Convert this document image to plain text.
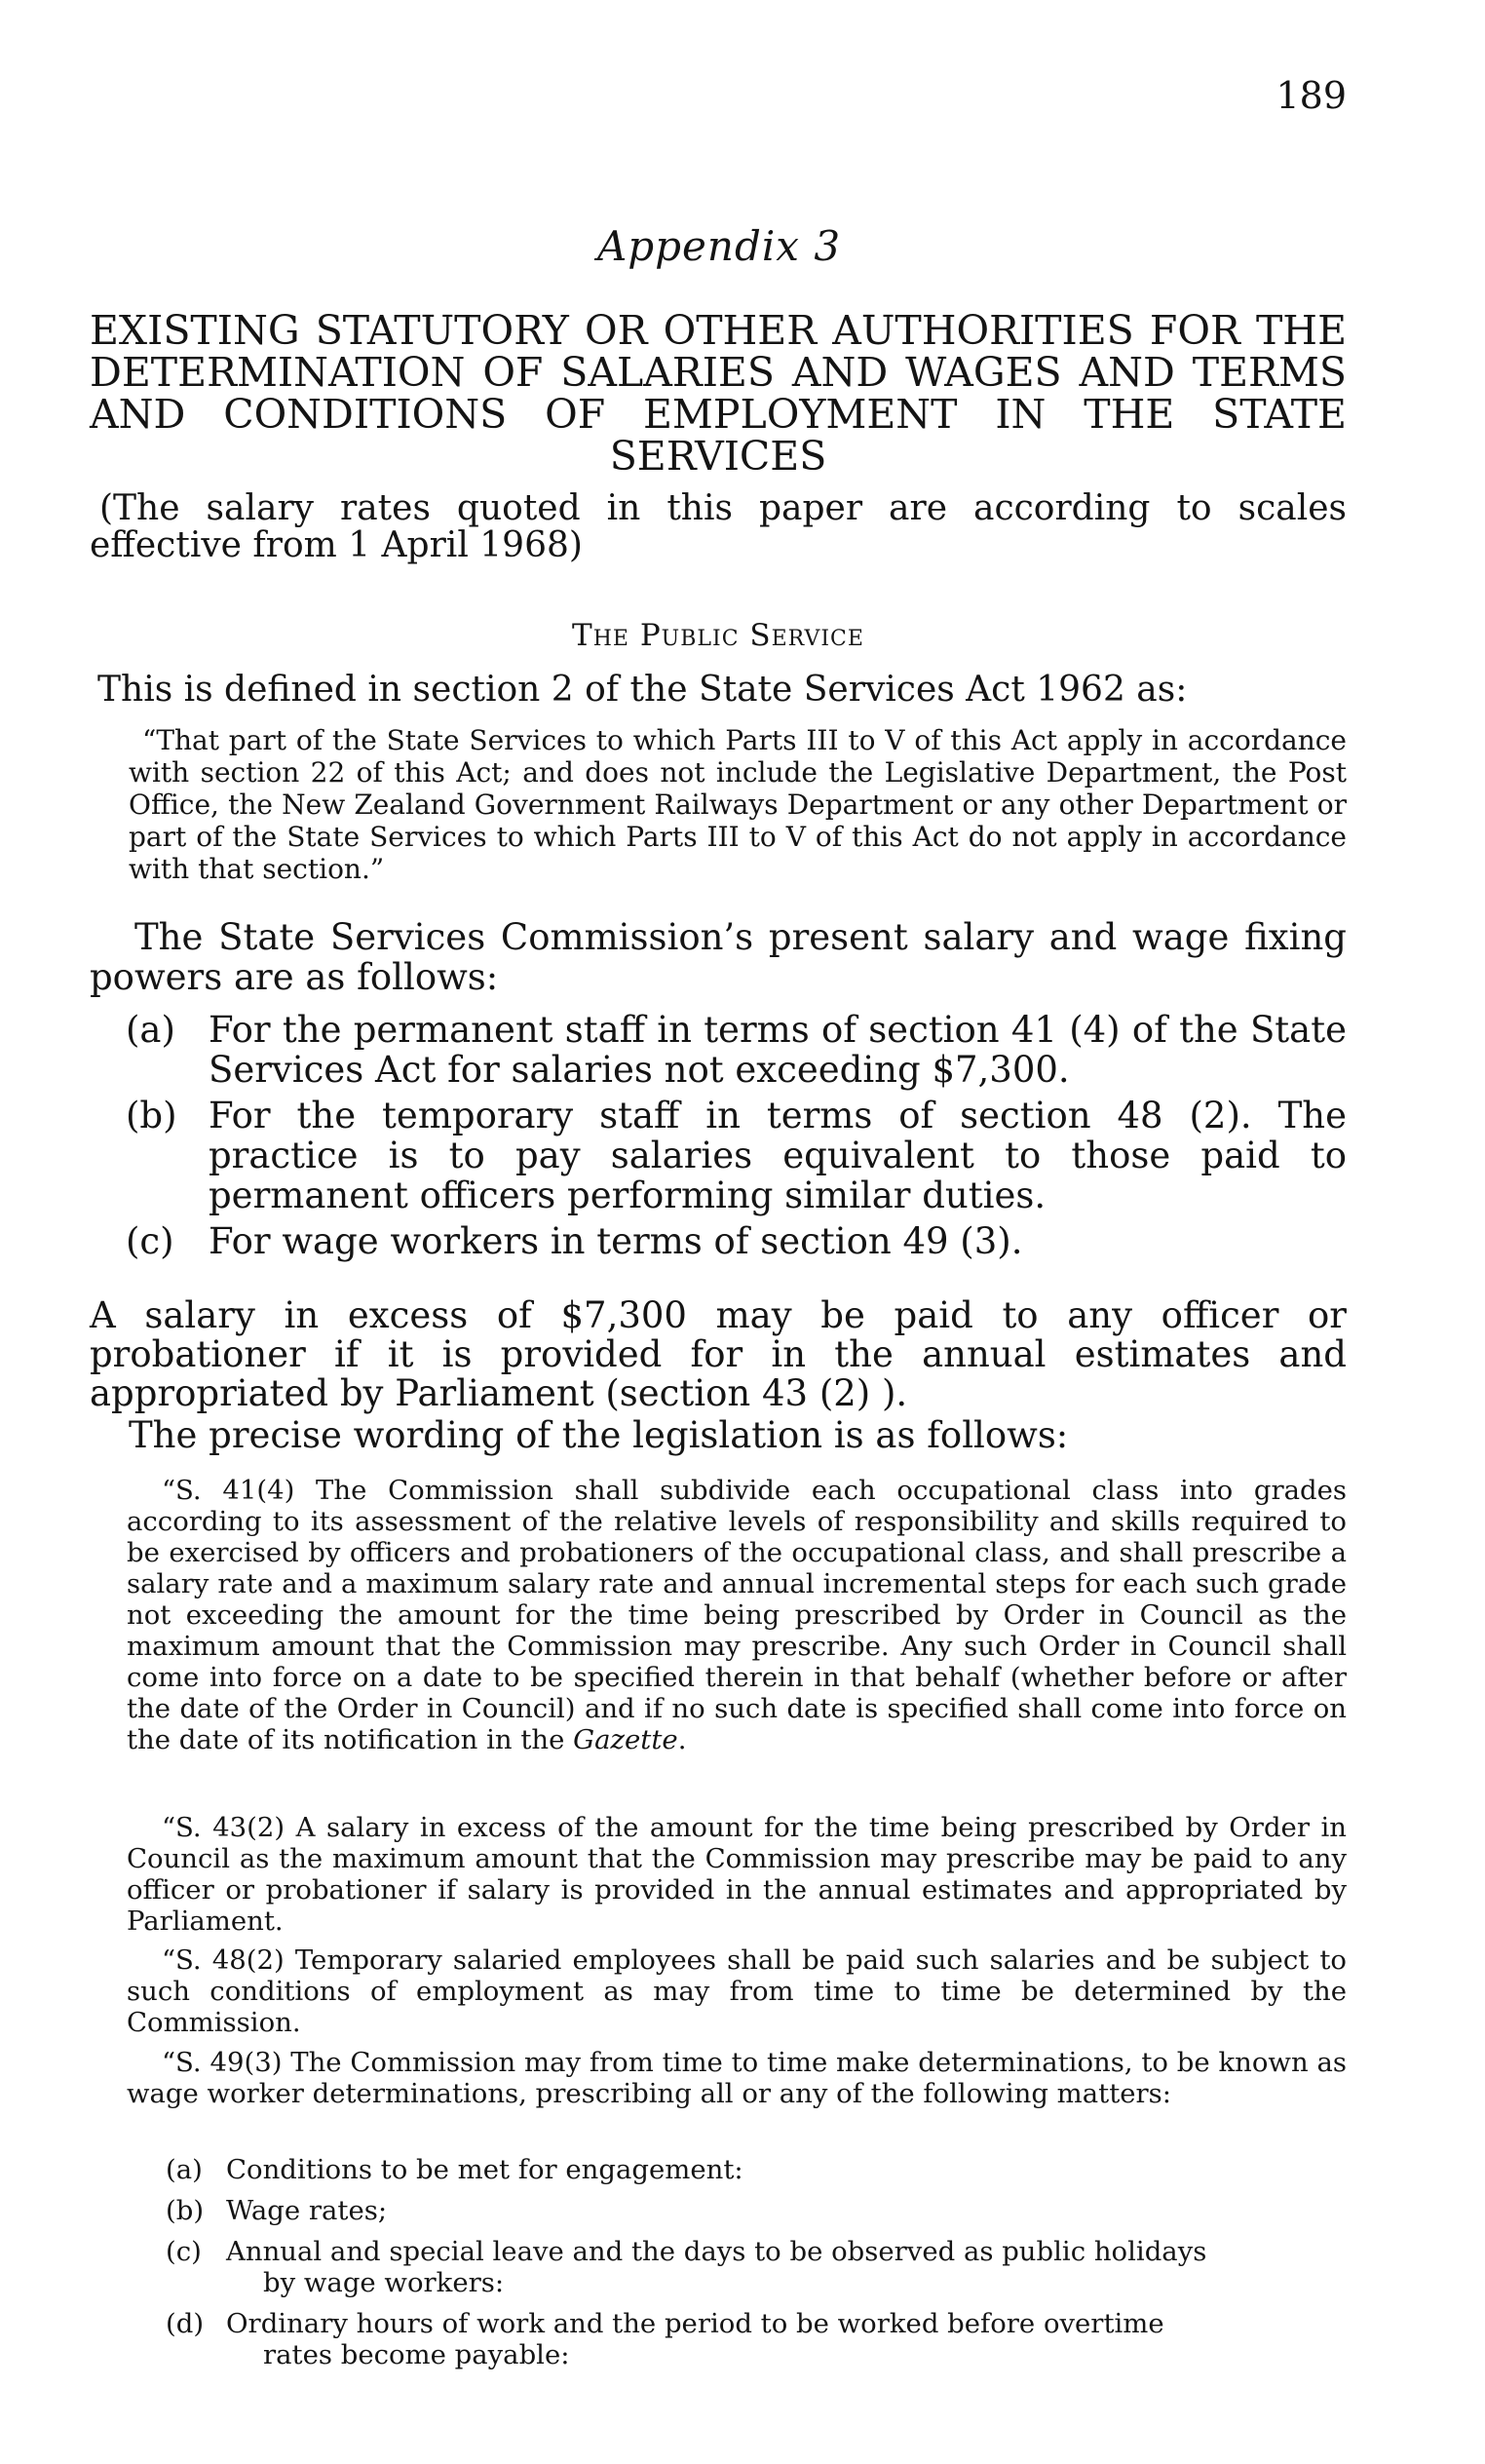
189
Appendix 3
EXISTING STATUTORY OR OTHER AUTHORITIES FOR THE
DETERMINATION OF SALARIES AND WAGES AND TERMS
AND CONDITIONS OF EMPLOYMENT IN THE STATE
SERVICES
(The salary rates quoted in this paper are according to scales effective from 1 April 1968)
The Public Service
This is defined in section 2 of the State Services Act 1962 as:
“That part of the State Services to which Parts III to V of this Act apply in accordance with section 22 of this Act; and does not include the Legislative Department, the Post Office, the New Zealand Government Railways Department or any other Department or part of the State Services to which Parts III to V of this Act do not apply in accordance with that section.”
The State Services Commission’s present salary and wage fixing powers are as follows:
(a) For the permanent staff in terms of section 41 (4) of the State Services Act for salaries not exceeding $7,300.
(b) For the temporary staff in terms of section 48 (2). The practice is to pay salaries equivalent to those paid to permanent officers performing similar duties.
(c) For wage workers in terms of section 49 (3).
A salary in excess of $7,300 may be paid to any officer or probationer if it is provided for in the annual estimates and appropriated by Parliament (section 43 (2) ).
The precise wording of the legislation is as follows:

“S. 41(4) The Commission shall subdivide each occupational class into grades according to its assessment of the relative levels of responsibility and skills required to be exercised by officers and probationers of the occupational class, and shall prescribe a salary rate and a maximum salary rate and annual incremental steps for each such grade not exceeding the amount for the time being prescribed by Order in Council as the maximum amount that the Commission may prescribe. Any such Order in Council shall come into force on a date to be specified therein in that behalf (whether before or after the date of the Order in Council) and if no such date is specified shall come into force on the date of its notification in the Gazette.

“S. 43(2) A salary in excess of the amount for the time being prescribed by Order in Council as the maximum amount that the Commission may prescribe may be paid to any officer or probationer if salary is provided in the annual estimates and appropriated by Parliament.

“S. 48(2) Temporary salaried employees shall be paid such salaries and be subject to such conditions of employment as may from time to time be determined by the Commission.

“S. 49(3) The Commission may from time to time make determinations, to be known as wage worker determinations, prescribing all or any of the following matters:

(a) Conditions to be met for engagement:
(b) Wage rates;
(c) Annual and special leave and the days to be observed as public holidays
by wage workers:
(d) Ordinary hours of work and the period to be worked before overtime
rates become payable:
